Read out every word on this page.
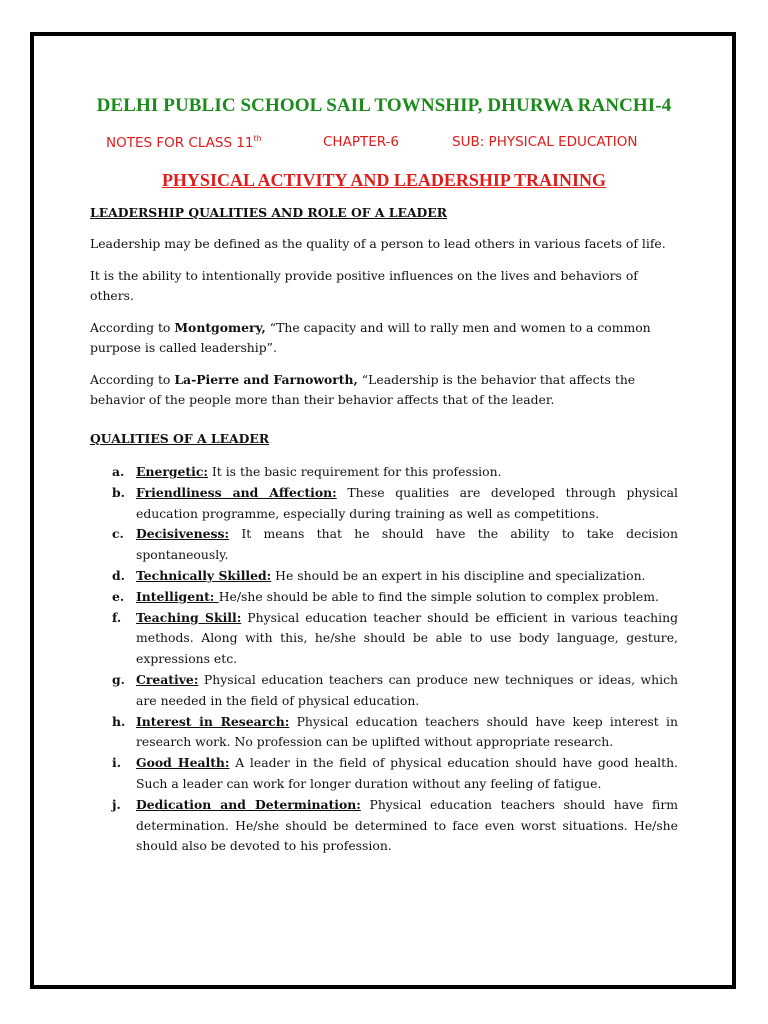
DELHI PUBLIC SCHOOL SAIL TOWNSHIP, DHURWA RANCHI-4
NOTES FOR CLASS 11th	CHAPTER-6	SUB: PHYSICAL EDUCATION
PHYSICAL ACTIVITY AND LEADERSHIP TRAINING
LEADERSHIP QUALITIES AND ROLE OF A LEADER

Leadership may be defined as the quality of a person to lead others in various facets of life.

It is the ability to intentionally provide positive influences on the lives and behaviors of others.

According to Montgomery, “The capacity and will to rally men and women to a common purpose is called leadership”.

According to La-Pierre and Farnoworth, “Leadership is the behavior that affects the behavior of the people more than their behavior affects that of the leader.

QUALITIES OF A LEADER
a. Energetic: It is the basic requirement for this profession.
b. Friendliness and Affection: These qualities are developed through physical education programme, especially during training as well as competitions.
c. Decisiveness: It means that he should have the ability to take decision spontaneously.
d. Technically Skilled: He should be an expert in his discipline and specialization.
e. Intelligent: He/she should be able to find the simple solution to complex problem.
f. Teaching Skill: Physical education teacher should be efficient in various teaching methods. Along with this, he/she should be able to use body language, gesture, expressions etc.
g. Creative: Physical education teachers can produce new techniques or ideas, which are needed in the field of physical education.
h. Interest in Research: Physical education teachers should have keep interest in research work. No profession can be uplifted without appropriate research.
i. Good Health: A leader in the field of physical education should have good health. Such a leader can work for longer duration without any feeling of fatigue.
j. Dedication and Determination: Physical education teachers should have firm determination. He/she should be determined to face even worst situations. He/she should also be devoted to his profession.
